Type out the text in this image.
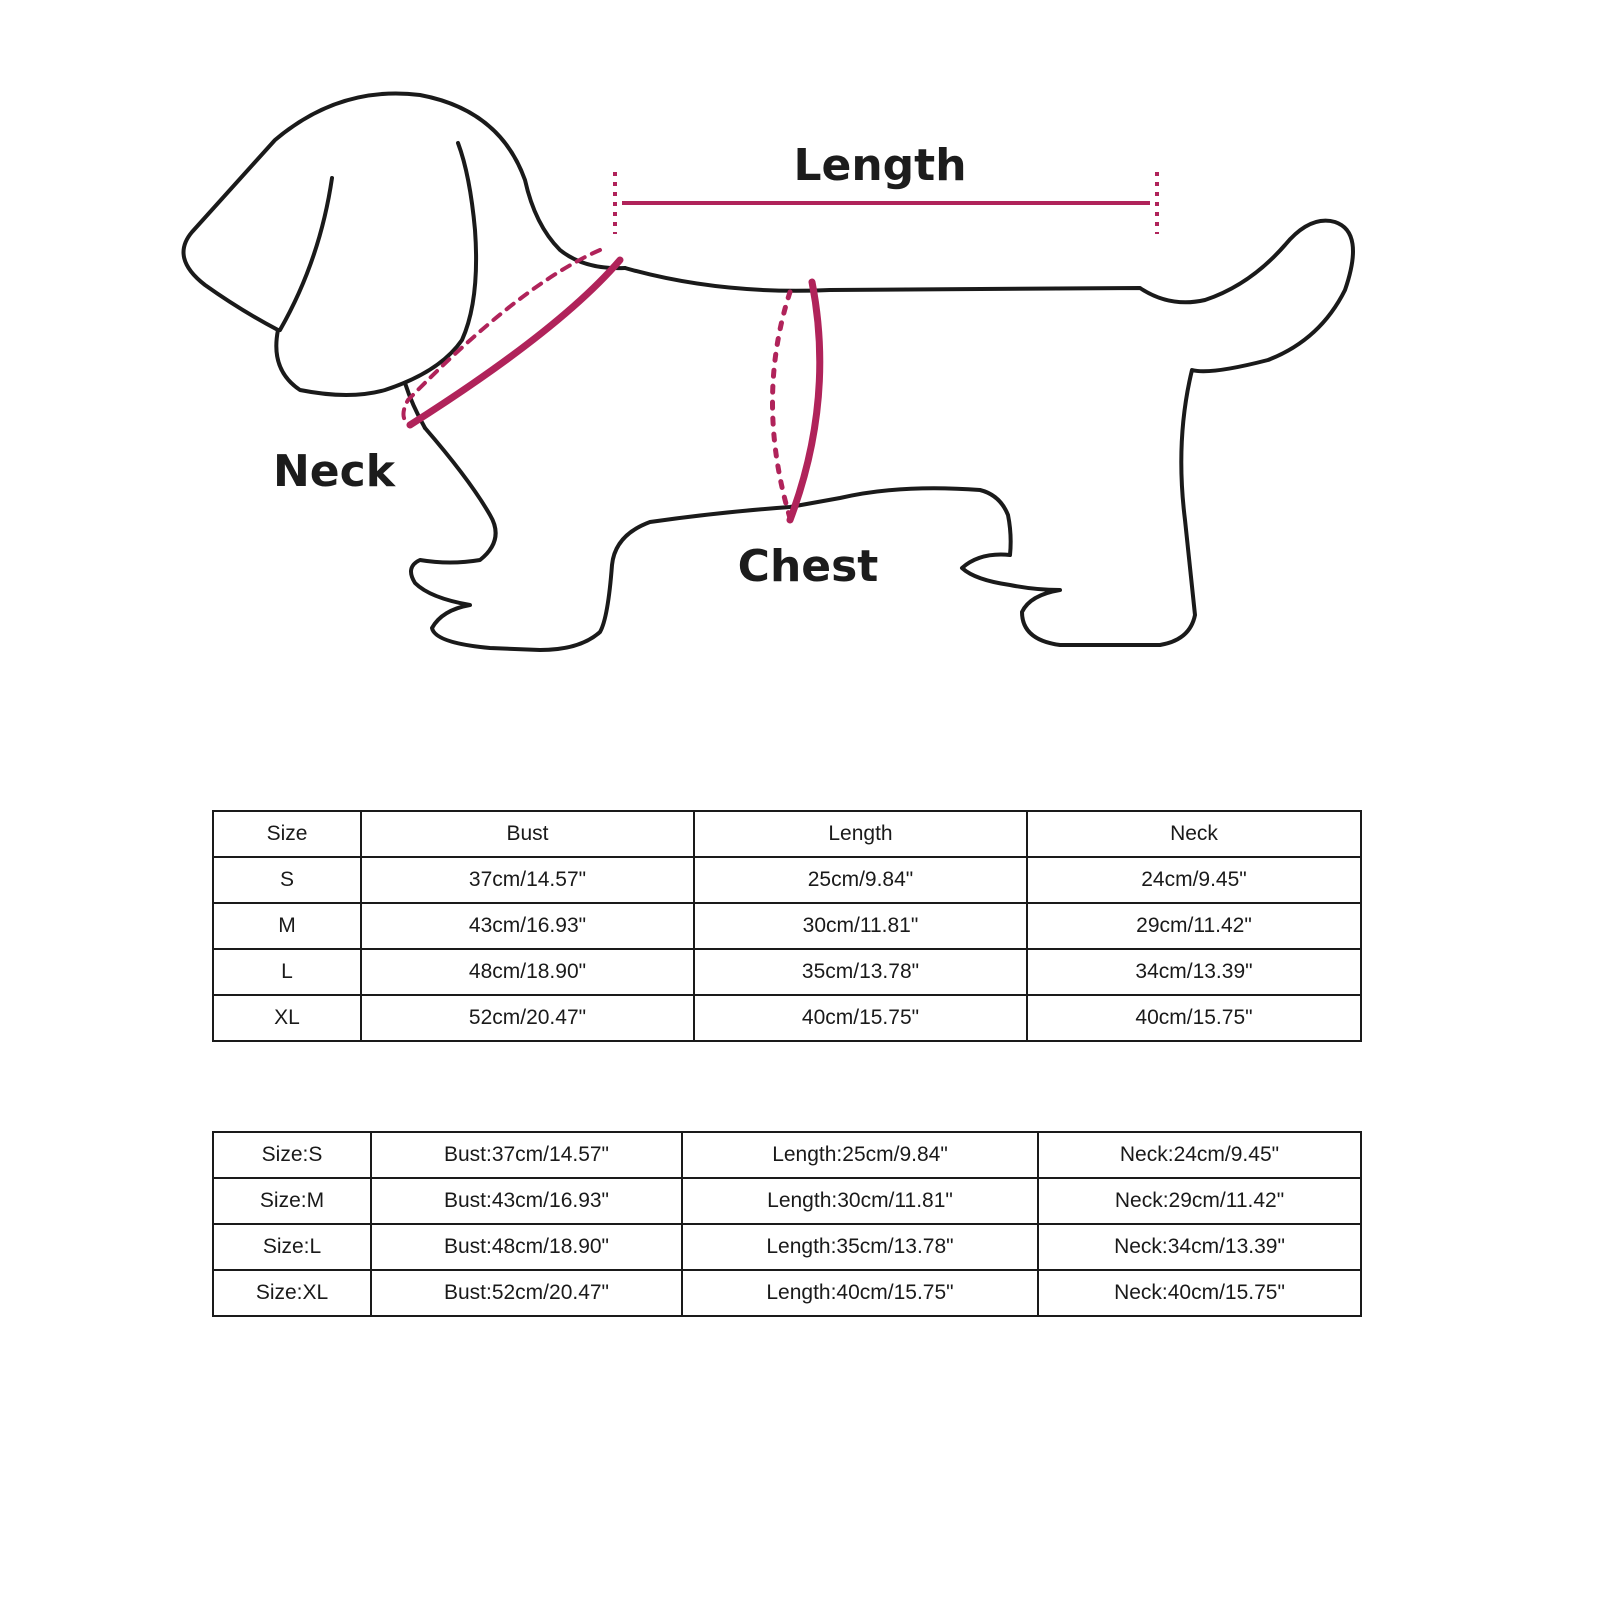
Length
Neck
Chest
Size	Bust	Length	Neck
S	37cm/14.57"	25cm/9.84"	24cm/9.45"
M	43cm/16.93"	30cm/11.81"	29cm/11.42"
L	48cm/18.90"	35cm/13.78"	34cm/13.39"
XL	52cm/20.47"	40cm/15.75"	40cm/15.75"
Size:S	Bust:37cm/14.57"	Length:25cm/9.84"	Neck:24cm/9.45"
Size:M	Bust:43cm/16.93"	Length:30cm/11.81"	Neck:29cm/11.42"
Size:L	Bust:48cm/18.90"	Length:35cm/13.78"	Neck:34cm/13.39"
Size:XL	Bust:52cm/20.47"	Length:40cm/15.75"	Neck:40cm/15.75"
